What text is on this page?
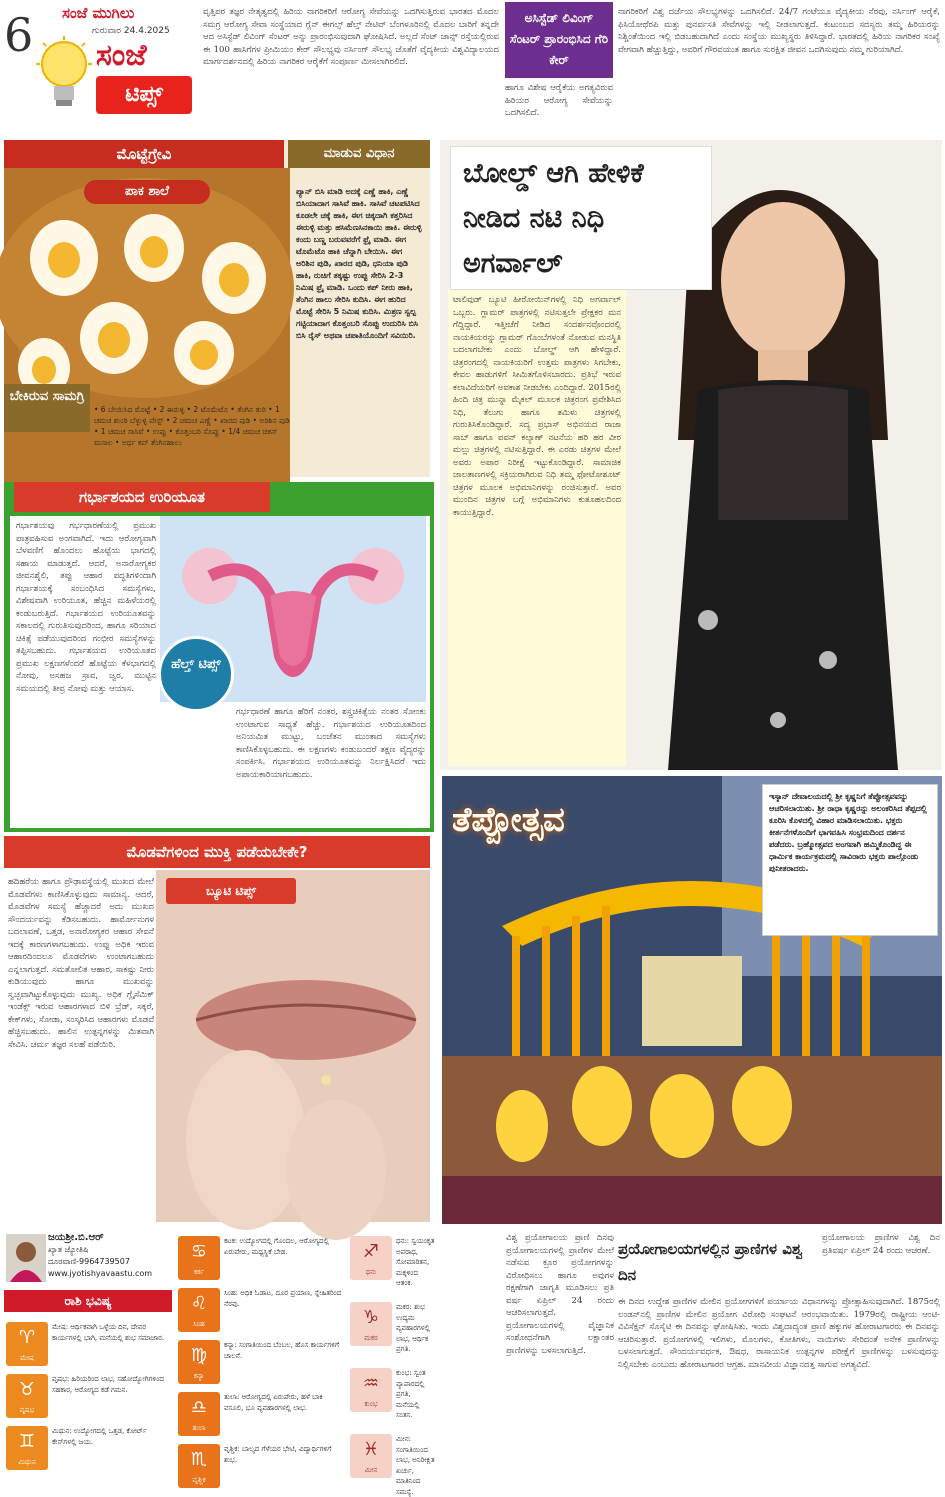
6 ಸಂಜೆ ಮುಗಿಲು
ಗುರುವಾರ 24.4.2025
ಸಂಜೆ
ಟಿಪ್ಸ್
ವೃತ್ತಿಪರ ತಜ್ಞರ ನೇತೃತ್ವದಲ್ಲಿ ಹಿರಿಯ ನಾಗರಿಕರಿಗೆ ಆರೋಗ್ಯ ಸೇವೆಯನ್ನು ಒದಗಿಸುತ್ತಿರುವ ಭಾರತದ ಮೊದಲ ಸಮಗ್ರ ಆರೋಗ್ಯ ಸೇವಾ ಸಂಸ್ಥೆಯಾದ ಗ್ಲೆನ್ ಈಗಲ್ಸ್ ಹೆಲ್ತ್ ನೇಟಿವ್ ಬೆಂಗಳೂರಿನಲ್ಲಿ ಮೊದಲ ಬಾರಿಗೆ ತನ್ನದೇ ಆದ ಅಸಿಸ್ಟೆಡ್ ಲಿವಿಂಗ್ ಸೆಂಟರ್ ಅನ್ನು ಪ್ರಾರಂಭಿಸುವುದಾಗಿ ಘೋಷಿಸಿದೆ. ಅಲ್ಲದೆ ಸೆಂಟ್ ಜಾನ್ಸ್ ರಸ್ತೆಯಲ್ಲಿರುವ ಈ 100 ಹಾಸಿಗೆಗಳ ಪ್ರೀಮಿಯಂ ಕೇರ್ ಸೌಲಭ್ಯವು ನರ್ಸಿಂಗ್ ಸೌಲಭ್ಯ ಜೊತೆಗೆ ವೈದ್ಯಕೀಯ ವಿಶ್ವವಿದ್ಯಾಲಯದ ಮಾರ್ಗದರ್ಶನದಲ್ಲಿ ಹಿರಿಯ ನಾಗರಿಕರ ಆರೈಕೆಗೆ ಸಂಪೂರ್ಣ ಮೀಸಲಾಗಿರಲಿದೆ.
ಅಸಿಸ್ಟೆಡ್ ಲಿವಿಂಗ್ ಸೆಂಟರ್ ಪ್ರಾರಂಭಿಸಿದ ಗೆರಿ ಕೇರ್
ಹಾಗೂ ವಿಶೇಷ ಆರೈಕೆಯ ಅಗತ್ಯವಿರುವ ಹಿರಿಯರ ಆರೋಗ್ಯ ಸೇವೆಯನ್ನು ಒದಗಿಸಲಿದೆ.
ನಾಗರಿಕರಿಗೆ ವಿಶ್ವ ದರ್ಜೆಯ ಸೌಲಭ್ಯಗಳನ್ನು ಒದಗಿಸಲಿದೆ. 24/7 ಗಂಟೆಯೂ ವೈದ್ಯಕೀಯ ನೆರವು, ನರ್ಸಿಂಗ್ ಆರೈಕೆ, ಫಿಸಿಯೋಥೆರಪಿ ಮತ್ತು ಪುನರ್ವಸತಿ ಸೇವೆಗಳನ್ನು ಇಲ್ಲಿ ನೀಡಲಾಗುತ್ತದೆ. ಕುಟುಂಬದ ಸದಸ್ಯರು ತಮ್ಮ ಹಿರಿಯರನ್ನು ನಿಶ್ಚಿಂತೆಯಿಂದ ಇಲ್ಲಿ ಬಿಡಬಹುದಾಗಿದೆ ಎಂದು ಸಂಸ್ಥೆಯ ಮುಖ್ಯಸ್ಥರು ತಿಳಿಸಿದ್ದಾರೆ. ಭಾರತದಲ್ಲಿ ಹಿರಿಯ ನಾಗರಿಕರ ಸಂಖ್ಯೆ ವೇಗವಾಗಿ ಹೆಚ್ಚುತ್ತಿದ್ದು, ಅವರಿಗೆ ಗೌರವಯುತ ಹಾಗೂ ಸುರಕ್ಷಿತ ಜೀವನ ಒದಗಿಸುವುದು ನಮ್ಮ ಗುರಿಯಾಗಿದೆ.
ಮೊಟ್ಟೆಗ್ರೇವಿ	ಮಾಡುವ ವಿಧಾನ
ಪಾಕ ಶಾಲೆ	ಪ್ಯಾನ್ ಬಿಸಿ ಮಾಡಿ ಅದಕ್ಕೆ ಎಣ್ಣೆ ಹಾಕಿ, ಎಣ್ಣೆ ಬಿಸಿಯಾದಾಗ ಸಾಸಿವೆ ಹಾಕಿ. ಸಾಸಿವೆ ಚಟಪಟಿಸಿದ ಕೂಡಲೇ ಚಕ್ಕೆ ಹಾಕಿ, ಈಗ ಚಿಕ್ಕದಾಗಿ ಕತ್ತರಿಸಿದ ಈರುಳ್ಳಿ ಮತ್ತು ಹಸಿಮೆಣಸಿನಕಾಯಿ ಹಾಕಿ. ಈರುಳ್ಳಿ ಕಂದು ಬಣ್ಣ ಬರುವವರೆಗೆ ಫ್ರೈ ಮಾಡಿ. ಈಗ ಟೊಮೆಟೊ ಹಾಕಿ ಚೆನ್ನಾಗಿ ಬೇಯಿಸಿ. ಈಗ ಅರಿಶಿನ ಪುಡಿ, ಖಾರದ ಪುಡಿ, ಧನಿಯಾ ಪುಡಿ ಹಾಕಿ, ರುಚಿಗೆ ತಕ್ಕಷ್ಟು ಉಪ್ಪು ಸೇರಿಸಿ 2-3 ನಿಮಿಷ ಫ್ರೈ ಮಾಡಿ. ಒಂದು ಕಪ್ ನೀರು ಹಾಕಿ, ತೆಂಗಿನ ಹಾಲು ಸೇರಿಸಿ ಕುದಿಸಿ. ಈಗ ಹುರಿದ ಮೊಟ್ಟೆ ಸೇರಿಸಿ 5 ನಿಮಿಷ ಕುದಿಸಿ. ಮಿಶ್ರಣ ಸ್ವಲ್ಪ ಗಟ್ಟಿಯಾದಾಗ ಕೊತ್ತಂಬರಿ ಸೊಪ್ಪು ಉದುರಿಸಿ ಬಿಸಿ ಬಿಸಿ ರೈಸ್ ಅಥವಾ ಚಪಾತಿಯೊಂದಿಗೆ ಸವಿಯಿರಿ.
ಬೇಕಿರುವ ಸಾಮಗ್ರಿ
• 6 ಬೇಯಿಸಿದ ಮೊಟ್ಟೆ • 2 ಈರುಳ್ಳಿ • 2 ಟೊಮೆಟೊ • ತೆಂಗಿನ ತುರಿ • 1 ಚಮಚ ಶುಂಠಿ ಬೆಳ್ಳುಳ್ಳಿ ಪೇಸ್ಟ್ • 2 ಚಮಚ ಎಣ್ಣೆ • ಖಾರದ ಪುಡಿ • ಅರಿಶಿನ ಪುಡಿ • 1 ಚಮಚ ಸಾಸಿವೆ • ಉಪ್ಪು • ಕೊತ್ತಂಬರಿ ಸೊಪ್ಪು • 1/4 ಚಮಚ ಚಿಕನ್ ಮಸಾಲ • ಅರ್ಧ ಕಪ್ ತೆಂಗಿನಹಾಲು
ಗರ್ಭಾಶಯದ ಉರಿಯೂತ
ಹೆಲ್ತ್ ಟಿಪ್ಸ್
ಗರ್ಭಾಶಯವು ಗರ್ಭಧಾರಣೆಯಲ್ಲಿ ಪ್ರಮುಖ ಪಾತ್ರವಹಿಸುವ ಅಂಗವಾಗಿದೆ. ಇದು ಆರೋಗ್ಯವಾಗಿ ಬೆಳವಣಿಗೆ ಹೊಂದಲು ಹೊಟ್ಟೆಯ ಭಾಗದಲ್ಲಿ ಸಹಾಯ ಮಾಡುತ್ತದೆ. ಆದರೆ, ಅನಾರೋಗ್ಯಕರ ಜೀವನಶೈಲಿ, ತಪ್ಪು ಆಹಾರ ಪದ್ಧತಿಗಳಿಂದಾಗಿ ಗರ್ಭಾಶಯಕ್ಕೆ ಸಂಬಂಧಿಸಿದ ಸಮಸ್ಯೆಗಳು, ವಿಶೇಷವಾಗಿ ಉರಿಯೂತ, ಹೆಚ್ಚಿನ ಮಹಿಳೆಯರಲ್ಲಿ ಕಂಡುಬರುತ್ತಿದೆ. ಗರ್ಭಾಶಯದ ಉರಿಯೂತವನ್ನು ಸಕಾಲದಲ್ಲಿ ಗುರುತಿಸುವುದರಿಂದ, ಹಾಗೂ ಸರಿಯಾದ ಚಿಕಿತ್ಸೆ ಪಡೆಯುವುದರಿಂದ ಗಂಭೀರ ಸಮಸ್ಯೆಗಳನ್ನು ತಪ್ಪಿಸಬಹುದು. ಗರ್ಭಾಶಯದ ಉರಿಯೂತದ ಪ್ರಮುಖ ಲಕ್ಷಣಗಳೆಂದರೆ ಹೊಟ್ಟೆಯ ಕೆಳಭಾಗದಲ್ಲಿ ನೋವು, ಅಸಹಜ ಸ್ರಾವ, ಜ್ವರ, ಮುಟ್ಟಿನ ಸಮಯದಲ್ಲಿ ತೀವ್ರ ನೋವು ಮತ್ತು ಆಯಾಸ.
ಗರ್ಭಧಾರಣೆ ಹಾಗೂ ಹೆರಿಗೆ ನಂತರ, ಶಸ್ತ್ರಚಿಕಿತ್ಸೆಯ ನಂತರ ಸೋಂಕು ಉಂಟಾಗುವ ಸಾಧ್ಯತೆ ಹೆಚ್ಚು. ಗರ್ಭಾಶಯದ ಉರಿಯೂತದಿಂದ ಅನಿಯಮಿತ ಮುಟ್ಟು, ಬಂಜೆತನ ಮುಂತಾದ ಸಮಸ್ಯೆಗಳು ಕಾಣಿಸಿಕೊಳ್ಳಬಹುದು. ಈ ಲಕ್ಷಣಗಳು ಕಂಡುಬಂದರೆ ತಕ್ಷಣ ವೈದ್ಯರನ್ನು ಸಂಪರ್ಕಿಸಿ. ಗರ್ಭಾಶಯದ ಉರಿಯೂತವನ್ನು ನಿರ್ಲಕ್ಷಿಸಿದರೆ ಇದು ಅಪಾಯಕಾರಿಯಾಗಬಹುದು.
ಮೊಡವೆಗಳಿಂದ ಮುಕ್ತಿ ಪಡೆಯಬೇಕೇ?
ಹದಿಹರೆಯ ಹಾಗೂ ಪ್ರೌಢಾವಸ್ಥೆಯಲ್ಲಿ ಮುಖದ ಮೇಲೆ ಮೊಡವೆಗಳು ಕಾಣಿಸಿಕೊಳ್ಳುವುದು ಸಾಮಾನ್ಯ. ಆದರೆ, ಮೊಡವೆಗಳ ಸಮಸ್ಯೆ ಹೆಚ್ಚಾದರೆ ಅದು ಮುಖದ ಸೌಂದರ್ಯವನ್ನು ಕೆಡಿಸಬಹುದು. ಹಾರ್ಮೋನುಗಳ ಬದಲಾವಣೆ, ಒತ್ತಡ, ಅನಾರೋಗ್ಯಕರ ಆಹಾರ ಸೇವನೆ ಇದಕ್ಕೆ ಕಾರಣಗಳಾಗಬಹುದು. ಉಪ್ಪು ಅಧಿಕ ಇರುವ ಆಹಾರದಿಂದಲೂ ಮೊಡವೆಗಳು ಉಂಟಾಗಬಹುದು ಎನ್ನಲಾಗುತ್ತದೆ. ಸಮತೋಲಿತ ಆಹಾರ, ಸಾಕಷ್ಟು ನೀರು ಕುಡಿಯುವುದು ಹಾಗೂ ಮುಖವನ್ನು ಸ್ವಚ್ಛವಾಗಿಟ್ಟುಕೊಳ್ಳುವುದು ಮುಖ್ಯ. ಅಧಿಕ ಗ್ಲೈಸೆಮಿಕ್ ಇಂಡೆಕ್ಸ್ ಇರುವ ಆಹಾರಗಳಾದ ಬಿಳಿ ಬ್ರೆಡ್, ಸಕ್ಕರೆ, ಕೇಕ್‌ಗಳು, ಸೋಡಾ, ಸಂಸ್ಕರಿಸಿದ ಆಹಾರಗಳು ಮೊಡವೆ ಹೆಚ್ಚಿಸಬಹುದು. ಹಾಲಿನ ಉತ್ಪನ್ನಗಳನ್ನು ಮಿತವಾಗಿ ಸೇವಿಸಿ. ಚರ್ಮ ತಜ್ಞರ ಸಲಹೆ ಪಡೆಯಿರಿ.
ಬ್ಯೂಟಿ ಟಿಪ್ಸ್
ಬೋಲ್ಡ್ ಆಗಿ ಹೇಳಿಕೆ ನೀಡಿದ ನಟಿ ನಿಧಿ ಅಗರ್ವಾಲ್
ಟಾಲಿವುಡ್ ಬ್ಯೂಟಿ ಹೀರೋಯಿನ್‌ಗಳಲ್ಲಿ ನಿಧಿ ಅಗರ್ವಾಲ್ ಒಬ್ಬರು. ಗ್ಲಾಮರ್ ಪಾತ್ರಗಳಲ್ಲಿ ನಟಿಸುತ್ತಲೇ ಪ್ರೇಕ್ಷಕರ ಮನ ಗೆದ್ದಿದ್ದಾರೆ. ಇತ್ತೀಚೆಗೆ ನೀಡಿದ ಸಂದರ್ಶನವೊಂದರಲ್ಲಿ ನಾಯಕಿಯರನ್ನು ಗ್ಲಾಮರ್ ಗೊಂಬೆಗಳಂತೆ ನೋಡುವ ಮನಸ್ಥಿತಿ ಬದಲಾಗಬೇಕು ಎಂದು ಬೋಲ್ಡ್ ಆಗಿ ಹೇಳಿದ್ದಾರೆ. ಚಿತ್ರರಂಗದಲ್ಲಿ ನಾಯಕಿಯರಿಗೆ ಉತ್ತಮ ಪಾತ್ರಗಳು ಸಿಗಬೇಕು, ಕೇವಲ ಹಾಡುಗಳಿಗೆ ಸೀಮಿತಗೊಳಿಸಬಾರದು. ಪ್ರತಿಭೆ ಇರುವ ಕಲಾವಿದೆಯರಿಗೆ ಅವಕಾಶ ನೀಡಬೇಕು ಎಂದಿದ್ದಾರೆ. 2015ರಲ್ಲಿ ಹಿಂದಿ ಚಿತ್ರ ಮುನ್ನಾ ಮೈಕಲ್ ಮೂಲಕ ಚಿತ್ರರಂಗ ಪ್ರವೇಶಿಸಿದ ನಿಧಿ, ತೆಲುಗು ಹಾಗೂ ತಮಿಳು ಚಿತ್ರಗಳಲ್ಲಿ ಗುರುತಿಸಿಕೊಂಡಿದ್ದಾರೆ. ಸದ್ಯ ಪ್ರಭಾಸ್ ಅಭಿನಯದ ರಾಜಾ ಸಾಬ್ ಹಾಗೂ ಪವನ್ ಕಲ್ಯಾಣ್ ನಟನೆಯ ಹರಿ ಹರ ವೀರ ಮಲ್ಲು ಚಿತ್ರಗಳಲ್ಲಿ ನಟಿಸುತ್ತಿದ್ದಾರೆ. ಈ ಎರಡು ಚಿತ್ರಗಳ ಮೇಲೆ ಅವರು ಅಪಾರ ನಿರೀಕ್ಷೆ ಇಟ್ಟುಕೊಂಡಿದ್ದಾರೆ. ಸಾಮಾಜಿಕ ಜಾಲತಾಣಗಳಲ್ಲಿ ಸಕ್ರಿಯರಾಗಿರುವ ನಿಧಿ ತಮ್ಮ ಫೋಟೋಶೂಟ್ ಚಿತ್ರಗಳ ಮೂಲಕ ಅಭಿಮಾನಿಗಳನ್ನು ರಂಜಿಸುತ್ತಾರೆ. ಅವರ ಮುಂದಿನ ಚಿತ್ರಗಳ ಬಗ್ಗೆ ಅಭಿಮಾನಿಗಳು ಕುತೂಹಲದಿಂದ ಕಾಯುತ್ತಿದ್ದಾರೆ.
ತೆಪ್ಪೋತ್ಸವ
ಇಸ್ಕಾನ್ ದೇವಾಲಯದಲ್ಲಿ ಶ್ರೀ ಕೃಷ್ಣನಿಗೆ ತೆಪ್ಪೋತ್ಸವವನ್ನು ಆಚರಿಸಲಾಯಿತು. ಶ್ರೀ ರಾಧಾ ಕೃಷ್ಣರನ್ನು ಅಲಂಕರಿಸಿದ ತೆಪ್ಪದಲ್ಲಿ ಕೂರಿಸಿ ಕೊಳದಲ್ಲಿ ವಿಹಾರ ಮಾಡಿಸಲಾಯಿತು. ಭಕ್ತರು ಕೀರ್ತನೆಗಳೊಂದಿಗೆ ಭಾಗವಹಿಸಿ ಸಂಭ್ರಮದಿಂದ ದರ್ಶನ ಪಡೆದರು. ಬ್ರಹ್ಮೋತ್ಸವದ ಅಂಗವಾಗಿ ಹಮ್ಮಿಕೊಂಡಿದ್ದ ಈ ಧಾರ್ಮಿಕ ಕಾರ್ಯಕ್ರಮದಲ್ಲಿ ಸಾವಿರಾರು ಭಕ್ತರು ಪಾಲ್ಗೊಂಡು ಪುನೀತರಾದರು.
ಜಯಶ್ರೀ.ಬಿ.ಆರ್
ಖ್ಯಾತ ಜ್ಯೋತಿಷಿ
ದೂರವಾಣಿ-9964739507
www.jyotishyavaastu.com
ರಾಶಿ ಭವಿಷ್ಯ
♈
ಮೇಷ
ಮೇಷ: ಆರ್ಥಿಕವಾಗಿ ಒಳ್ಳೆಯ ದಿನ, ದೇವರ ಕಾರ್ಯಗಳಲ್ಲಿ ಭಾಗಿ, ಮನೆಯಲ್ಲಿ ಶುಭ ಸಮಾಚಾರ.
♉
ವೃಷಭ
ವೃಷಭ: ಹಿರಿಯರಿಂದ ಲಾಭ, ಸಹೋದ್ಯೋಗಿಗಳಿಂದ ಸಹಕಾರ, ಆರೋಗ್ಯದ ಕಡೆ ಗಮನ.
♊
ಮಿಥುನ
ಮಿಥುನ: ಉದ್ಯೋಗದಲ್ಲಿ ಒತ್ತಡ, ಕೋರ್ಟ್ ಕೇಸ್‌ಗಳಲ್ಲಿ ಜಯ.
♋
ಕರ್ಕ
ಕಟಕ: ಉದ್ಯೋಗದಲ್ಲಿ ಗೊಂದಲ, ಆರೋಗ್ಯದಲ್ಲಿ ಏರುಪೇರು, ಮಧ್ಯಸ್ಥಿಕೆ ಬೇಡ.
♌
ಸಿಂಹ
ಸಿಂಹ: ಅಧಿಕ ಓಡಾಟ, ದೂರ ಪ್ರಯಾಣ, ಸ್ನೇಹಿತರಿಂದ ನೆರವು.
♍
ಕನ್ಯಾ
ಕನ್ಯಾ: ಸಂಗಾತಿಯಿಂದ ಬೆಂಬಲ, ಹೊಸ ಕಾರ್ಯಗಳಿಗೆ ಚಾಲನೆ.
♎
ತುಲಾ
ತುಲಾ: ಆರೋಗ್ಯದಲ್ಲಿ ಏರುಪೇರು, ಹಳೆ ಬಾಕಿ ವಸೂಲಿ, ಭೂ ವ್ಯವಹಾರಗಳಲ್ಲಿ ಲಾಭ.
♏
ವೃಶ್ಚಿಕ
ವೃಶ್ಚಿಕ: ಬಾಲ್ಯದ ಗೆಳೆಯರ ಭೇಟಿ, ವಿದ್ಯಾರ್ಥಿಗಳಿಗೆ ಶುಭ.
♐
ಧನು
ಧನು: ಸ್ವಯಂಕೃತ ಅಪರಾಧ, ಸೋಮಾರಿತನ, ಮಕ್ಕಳಿಂದ ಆತಂಕ.
♑
ಮಕರ
ಮಕರ: ಶುಭ ಉದ್ಯಮ ವ್ಯವಹಾರಗಳಲ್ಲಿ ಲಾಭ, ಆರ್ಥಿಕ ಪ್ರಗತಿ.
♒
ಕುಂಭ
ಕುಂಭ: ಸ್ವಂತ ವ್ಯಾಪಾರದಲ್ಲಿ ಪ್ರಗತಿ, ಮನೆಯಲ್ಲಿ ಸಂತಸ.
♓
ಮೀನ
ಮೀನ: ಸಂಗಾತಿಯಿಂದ ಲಾಭ, ಅನಿರೀಕ್ಷಿತ ಖರ್ಚು, ಮಾತಿನಿಂದ ಸಮಸ್ಯೆ.
ವಿಶ್ವ ಪ್ರಯೋಗಾಲಯ ಪ್ರಾಣಿ ದಿನವು ಪ್ರಯೋಗಾಲಯಗಳಲ್ಲಿ ಪ್ರಾಣಿಗಳ ಮೇಲೆ ನಡೆಸುವ ಕ್ರೂರ ಪ್ರಯೋಗಗಳನ್ನು ವಿರೋಧಿಸಲು ಹಾಗೂ ಅವುಗಳ ರಕ್ಷಣೆಗಾಗಿ ಜಾಗೃತಿ ಮೂಡಿಸಲು ಪ್ರತಿ ವರ್ಷ ಏಪ್ರಿಲ್ 24 ರಂದು ಆಚರಿಸಲಾಗುತ್ತದೆ. ಪ್ರಯೋಗಾಲಯಗಳಲ್ಲಿ ವೈಜ್ಞಾನಿಕ ಸಂಶೋಧನೆಗಾಗಿ ಲಕ್ಷಾಂತರ ಪ್ರಾಣಿಗಳನ್ನು ಬಳಸಲಾಗುತ್ತಿದೆ.
ಪ್ರಯೋಗಾಲಯಗಳಲ್ಲಿನ ಪ್ರಾಣಿಗಳ ವಿಶ್ವ ದಿನ
ಪ್ರಯೋಗಾಲಯ ಪ್ರಾಣಿಗಳ ವಿಶ್ವ ದಿನ ಪ್ರತಿವರ್ಷ ಏಪ್ರಿಲ್ 24 ರಂದು ಆಚರಣೆ.
ಈ ದಿನದ ಉದ್ದೇಶ ಪ್ರಾಣಿಗಳ ಮೇಲಿನ ಪ್ರಯೋಗಗಳಿಗೆ ಪರ್ಯಾಯ ವಿಧಾನಗಳನ್ನು ಪ್ರೋತ್ಸಾಹಿಸುವುದಾಗಿದೆ. 1875ರಲ್ಲಿ ಲಂಡನ್‌ನಲ್ಲಿ ಪ್ರಾಣಿಗಳ ಮೇಲಿನ ಪ್ರಯೋಗ ವಿರೋಧಿ ಸಂಘಟನೆ ಆರಂಭವಾಯಿತು. 1979ರಲ್ಲಿ ರಾಷ್ಟ್ರೀಯ ಆಂಟಿ-ವಿವಿಸೆಕ್ಷನ್ ಸೊಸೈಟಿ ಈ ದಿನವನ್ನು ಘೋಷಿಸಿತು. ಇಂದು ವಿಶ್ವದಾದ್ಯಂತ ಪ್ರಾಣಿ ಹಕ್ಕುಗಳ ಹೋರಾಟಗಾರರು ಈ ದಿನವನ್ನು ಆಚರಿಸುತ್ತಾರೆ. ಪ್ರಯೋಗಗಳಲ್ಲಿ ಇಲಿಗಳು, ಮೊಲಗಳು, ಕೋತಿಗಳು, ನಾಯಿಗಳು ಸೇರಿದಂತೆ ಅನೇಕ ಪ್ರಾಣಿಗಳನ್ನು ಬಳಸಲಾಗುತ್ತದೆ. ಸೌಂದರ್ಯವರ್ಧಕ, ಔಷಧ, ರಾಸಾಯನಿಕ ಉತ್ಪನ್ನಗಳ ಪರೀಕ್ಷೆಗೆ ಪ್ರಾಣಿಗಳನ್ನು ಬಳಸುವುದನ್ನು ನಿಲ್ಲಿಸಬೇಕು ಎಂಬುದು ಹೋರಾಟಗಾರರ ಆಗ್ರಹ. ಮಾನವೀಯ ವಿಜ್ಞಾನದತ್ತ ಸಾಗುವ ಅಗತ್ಯವಿದೆ.
